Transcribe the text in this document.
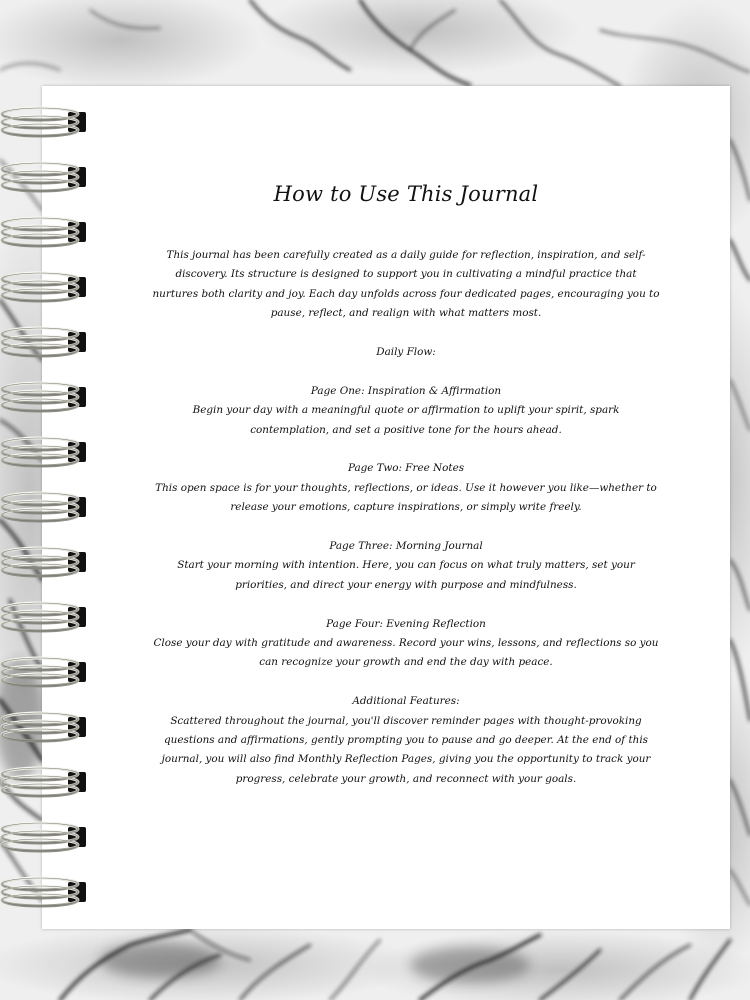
How to Use This Journal

This journal has been carefully created as a daily guide for reflection, inspiration, and self-discovery. Its structure is designed to support you in cultivating a mindful practice that nurtures both clarity and joy. Each day unfolds across four dedicated pages, encouraging you to pause, reflect, and realign with what matters most.

Daily Flow:

Page One: Inspiration & Affirmation
Begin your day with a meaningful quote or affirmation to uplift your spirit, spark contemplation, and set a positive tone for the hours ahead.

Page Two: Free Notes
This open space is for your thoughts, reflections, or ideas. Use it however you like—whether to release your emotions, capture inspirations, or simply write freely.

Page Three: Morning Journal
Start your morning with intention. Here, you can focus on what truly matters, set your priorities, and direct your energy with purpose and mindfulness.

Page Four: Evening Reflection
Close your day with gratitude and awareness. Record your wins, lessons, and reflections so you can recognize your growth and end the day with peace.

Additional Features:
Scattered throughout the journal, you'll discover reminder pages with thought-provoking questions and affirmations, gently prompting you to pause and go deeper. At the end of this journal, you will also find Monthly Reflection Pages, giving you the opportunity to track your progress, celebrate your growth, and reconnect with your goals.
